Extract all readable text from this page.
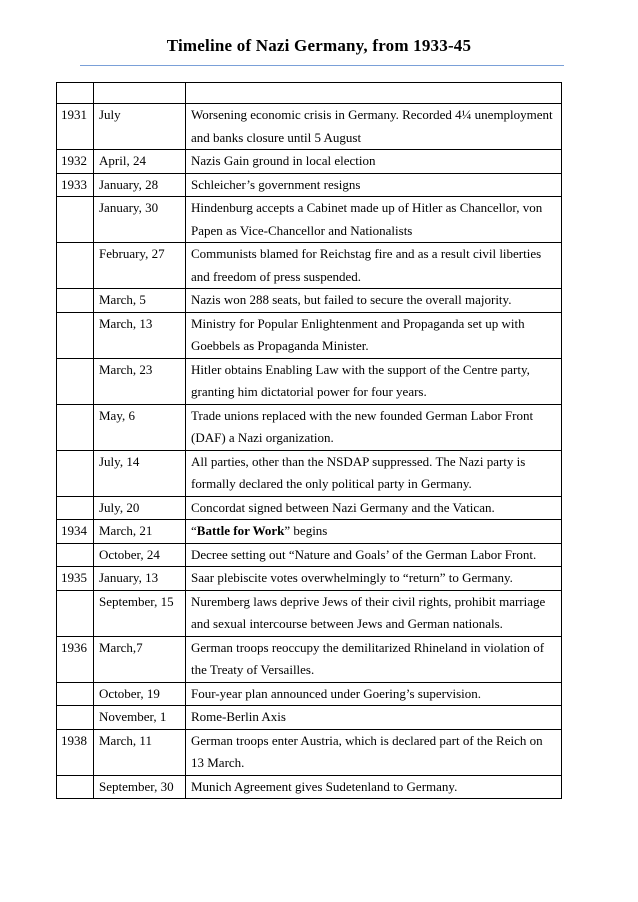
Timeline of Nazi Germany, from 1933-45

1931	July	Worsening economic crisis in Germany. Recorded 4¼ unemployment and banks closure until 5 August
1932	April, 24	Nazis Gain ground in local election
1933	January, 28	Schleicher’s government resigns
	January, 30	Hindenburg accepts a Cabinet made up of Hitler as Chancellor, von Papen as Vice-Chancellor and Nationalists
	February, 27	Communists blamed for Reichstag fire and as a result civil liberties and freedom of press suspended.
	March, 5	Nazis won 288 seats, but failed to secure the overall majority.
	March, 13	Ministry for Popular Enlightenment and Propaganda set up with Goebbels as Propaganda Minister.
	March, 23	Hitler obtains Enabling Law with the support of the Centre party, granting him dictatorial power for four years.
	May, 6	Trade unions replaced with the new founded German Labor Front (DAF) a Nazi organization.
	July, 14	All parties, other than the NSDAP suppressed. The Nazi party is formally declared the only political party in Germany.
	July, 20	Concordat signed between Nazi Germany and the Vatican.
1934	March, 21	“Battle for Work” begins
	October, 24	Decree setting out “Nature and Goals’ of the German Labor Front.
1935	January, 13	Saar plebiscite votes overwhelmingly to “return” to Germany.
	September, 15	Nuremberg laws deprive Jews of their civil rights, prohibit marriage and sexual intercourse between Jews and German nationals.
1936	March,7	German troops reoccupy the demilitarized Rhineland in violation of the Treaty of Versailles.
	October, 19	Four-year plan announced under Goering’s supervision.
	November, 1	Rome-Berlin Axis
1938	March, 11	German troops enter Austria, which is declared part of the Reich on 13 March.
	September, 30	Munich Agreement gives Sudetenland to Germany.
